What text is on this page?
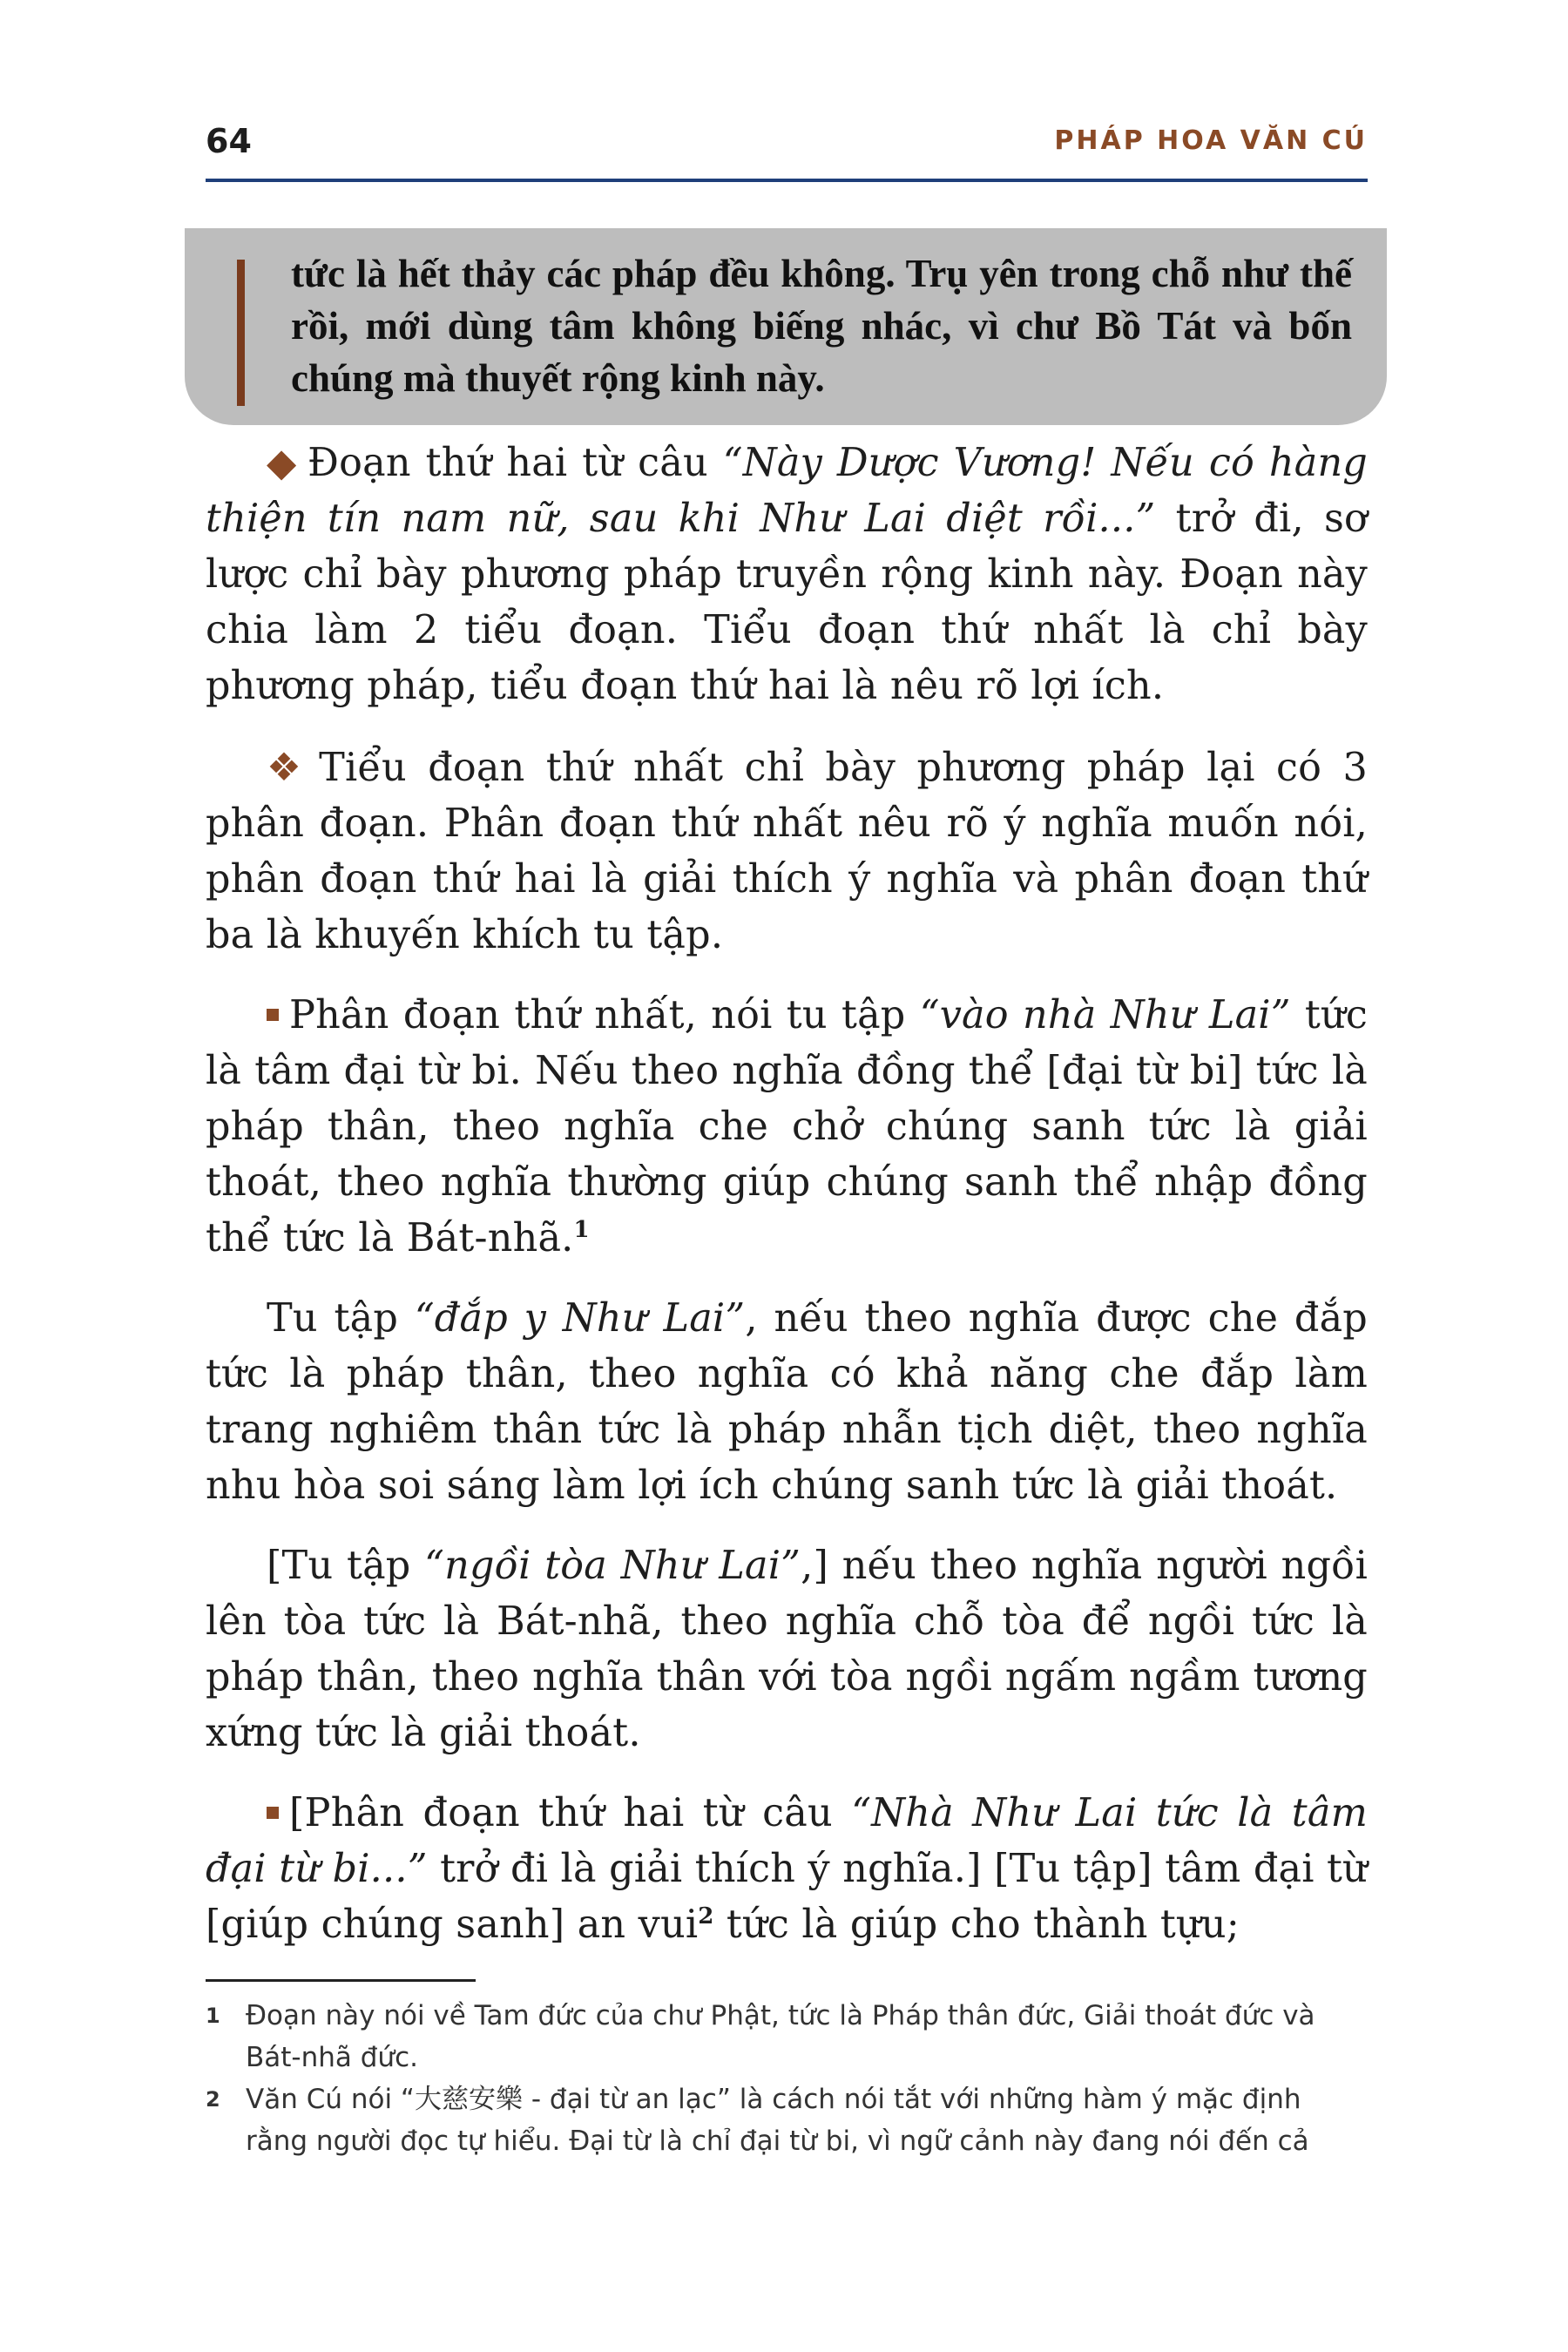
64	PHÁP HOA VĂN CÚ
tức là hết thảy các pháp đều không. Trụ yên trong chỗ như thế rồi, mới dùng tâm không biếng nhác, vì chư Bồ Tát và bốn chúng mà thuyết rộng kinh này.

◆ Đoạn thứ hai từ câu “Này Dược Vương! Nếu có hàng thiện tín nam nữ, sau khi Như Lai diệt rồi...” trở đi, sơ lược chỉ bày phương pháp truyền rộng kinh này. Đoạn này chia làm 2 tiểu đoạn. Tiểu đoạn thứ nhất là chỉ bày phương pháp, tiểu đoạn thứ hai là nêu rõ lợi ích.

❖ Tiểu đoạn thứ nhất chỉ bày phương pháp lại có 3 phân đoạn. Phân đoạn thứ nhất nêu rõ ý nghĩa muốn nói, phân đoạn thứ hai là giải thích ý nghĩa và phân đoạn thứ ba là khuyến khích tu tập.

Phân đoạn thứ nhất, nói tu tập “vào nhà Như Lai” tức là tâm đại từ bi. Nếu theo nghĩa đồng thể [đại từ bi] tức là pháp thân, theo nghĩa che chở chúng sanh tức là giải thoát, theo nghĩa thường giúp chúng sanh thể nhập đồng thể tức là Bát-nhã.$^1$

Tu tập “đắp y Như Lai”, nếu theo nghĩa được che đắp tức là pháp thân, theo nghĩa có khả năng che đắp làm trang nghiêm thân tức là pháp nhẫn tịch diệt, theo nghĩa nhu hòa soi sáng làm lợi ích chúng sanh tức là giải thoát.

[Tu tập “ngồi tòa Như Lai”,] nếu theo nghĩa người ngồi lên tòa tức là Bát-nhã, theo nghĩa chỗ tòa để ngồi tức là pháp thân, theo nghĩa thân với tòa ngồi ngấm ngầm tương xứng tức là giải thoát.

[Phân đoạn thứ hai từ câu “Nhà Như Lai tức là tâm đại từ bi...” trở đi là giải thích ý nghĩa.] [Tu tập] tâm đại từ [giúp chúng sanh] an vui$^2$ tức là giúp cho thành tựu;

1 Đoạn này nói về Tam đức của chư Phật, tức là Pháp thân đức, Giải thoát đức và Bát-nhã đức.
2 Văn Cú nói “大慈安樂 - đại từ an lạc” là cách nói tắt với những hàm ý mặc định rằng người đọc tự hiểu. Đại từ là chỉ đại từ bi, vì ngữ cảnh này đang nói đến cả
